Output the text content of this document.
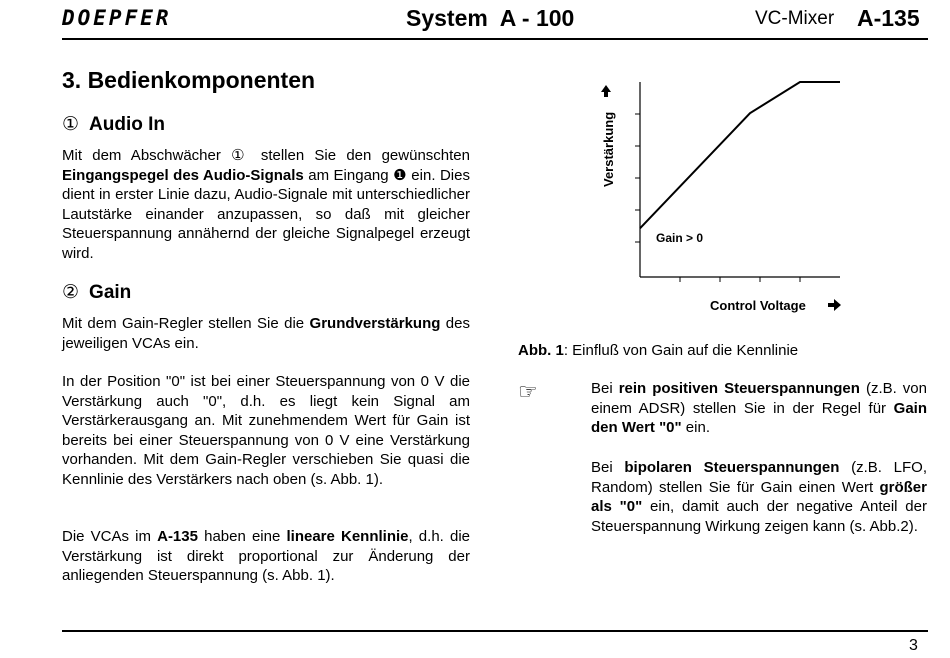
DOEPFER	System  A - 100	VC-Mixer A-135
3. Bedienkomponenten
① Audio In
Mit dem Abschwächer ① stellen Sie den gewünschten Eingangspegel des Audio-Signals am Eingang ❶ ein. Dies dient in erster Linie dazu, Audio-Signale mit unterschiedlicher Lautstärke einander anzupassen, so daß mit gleicher Steuerspannung annähernd der gleiche Signalpegel erzeugt wird.
② Gain
Mit dem Gain-Regler stellen Sie die Grundverstärkung des jeweiligen VCAs ein.
In der Position "0" ist bei einer Steuerspannung von 0 V die Verstärkung auch "0", d.h. es liegt kein Signal am Verstärkerausgang an. Mit zunehmendem Wert für Gain ist bereits bei einer Steuerspannung von 0 V eine Verstärkung vorhanden. Mit dem Gain-Regler verschieben Sie quasi die Kennlinie des Verstärkers nach oben (s. Abb. 1).
Die VCAs im A-135 haben eine lineare Kennlinie, d.h. die Verstärkung ist direkt proportional zur Änderung der anliegenden Steuerspannung (s. Abb. 1).
Gain > 0
Verstärkung
Control Voltage
Abb. 1: Einfluß von Gain auf die Kennlinie
☞	Bei rein positiven Steuerspannungen (z.B. von einem ADSR) stellen Sie in der Regel für Gain den Wert "0" ein.
Bei bipolaren Steuerspannungen (z.B. LFO, Random) stellen Sie für Gain einen Wert größer als "0" ein, damit auch der negative Anteil der Steuerspannung Wirkung zeigen kann (s. Abb.2).
3
